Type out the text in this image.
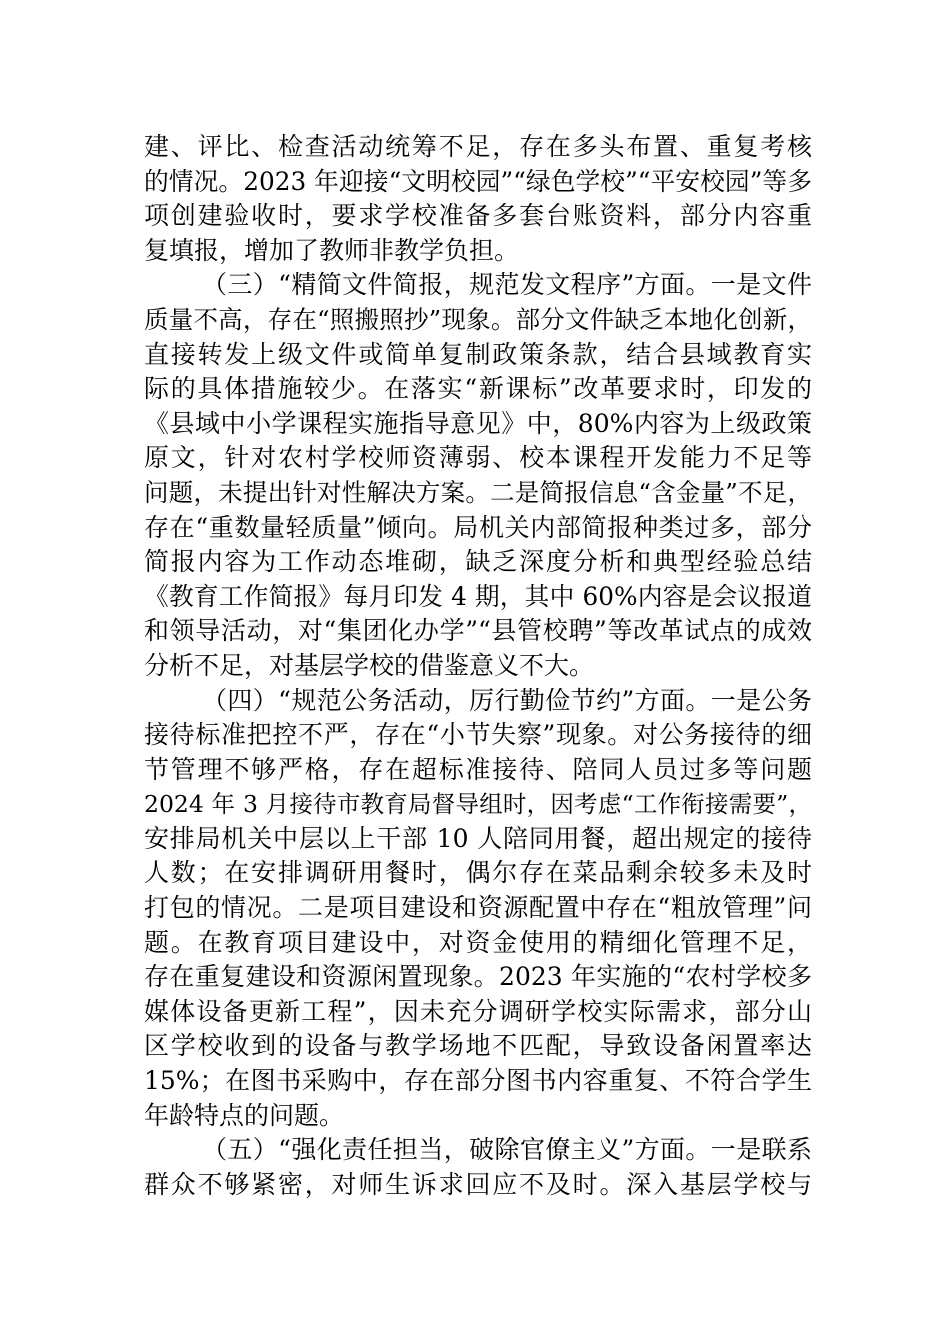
建、评比、检查活动统筹不足，存在多头布置、重复考核
的情况。2023 年迎接“文明校园”“绿色学校”“平安校园”等多
项创建验收时，要求学校准备多套台账资料，部分内容重
复填报，增加了教师非教学负担。
（三）“精简文件简报，规范发文程序”方面。一是文件
质量不高，存在“照搬照抄”现象。部分文件缺乏本地化创新，
直接转发上级文件或简单复制政策条款，结合县域教育实
际的具体措施较少。在落实“新课标”改革要求时，印发的
《县域中小学课程实施指导意见》中，80%内容为上级政策
原文，针对农村学校师资薄弱、校本课程开发能力不足等
问题，未提出针对性解决方案。二是简报信息“含金量”不足，
存在“重数量轻质量”倾向。局机关内部简报种类过多，部分
简报内容为工作动态堆砌，缺乏深度分析和典型经验总结
《教育工作简报》每月印发 4 期，其中 60%内容是会议报道
和领导活动，对“集团化办学”“县管校聘”等改革试点的成效
分析不足，对基层学校的借鉴意义不大。
（四）“规范公务活动，厉行勤俭节约”方面。一是公务
接待标准把控不严，存在“小节失察”现象。对公务接待的细
节管理不够严格，存在超标准接待、陪同人员过多等问题
2024 年 3 月接待市教育局督导组时，因考虑“工作衔接需要”，
安排局机关中层以上干部 10 人陪同用餐，超出规定的接待
人数；在安排调研用餐时，偶尔存在菜品剩余较多未及时
打包的情况。二是项目建设和资源配置中存在“粗放管理”问
题。在教育项目建设中，对资金使用的精细化管理不足，
存在重复建设和资源闲置现象。2023 年实施的“农村学校多
媒体设备更新工程”，因未充分调研学校实际需求，部分山
区学校收到的设备与教学场地不匹配，导致设备闲置率达
15%；在图书采购中，存在部分图书内容重复、不符合学生
年龄特点的问题。
（五）“强化责任担当，破除官僚主义”方面。一是联系
群众不够紧密，对师生诉求回应不及时。深入基层学校与
